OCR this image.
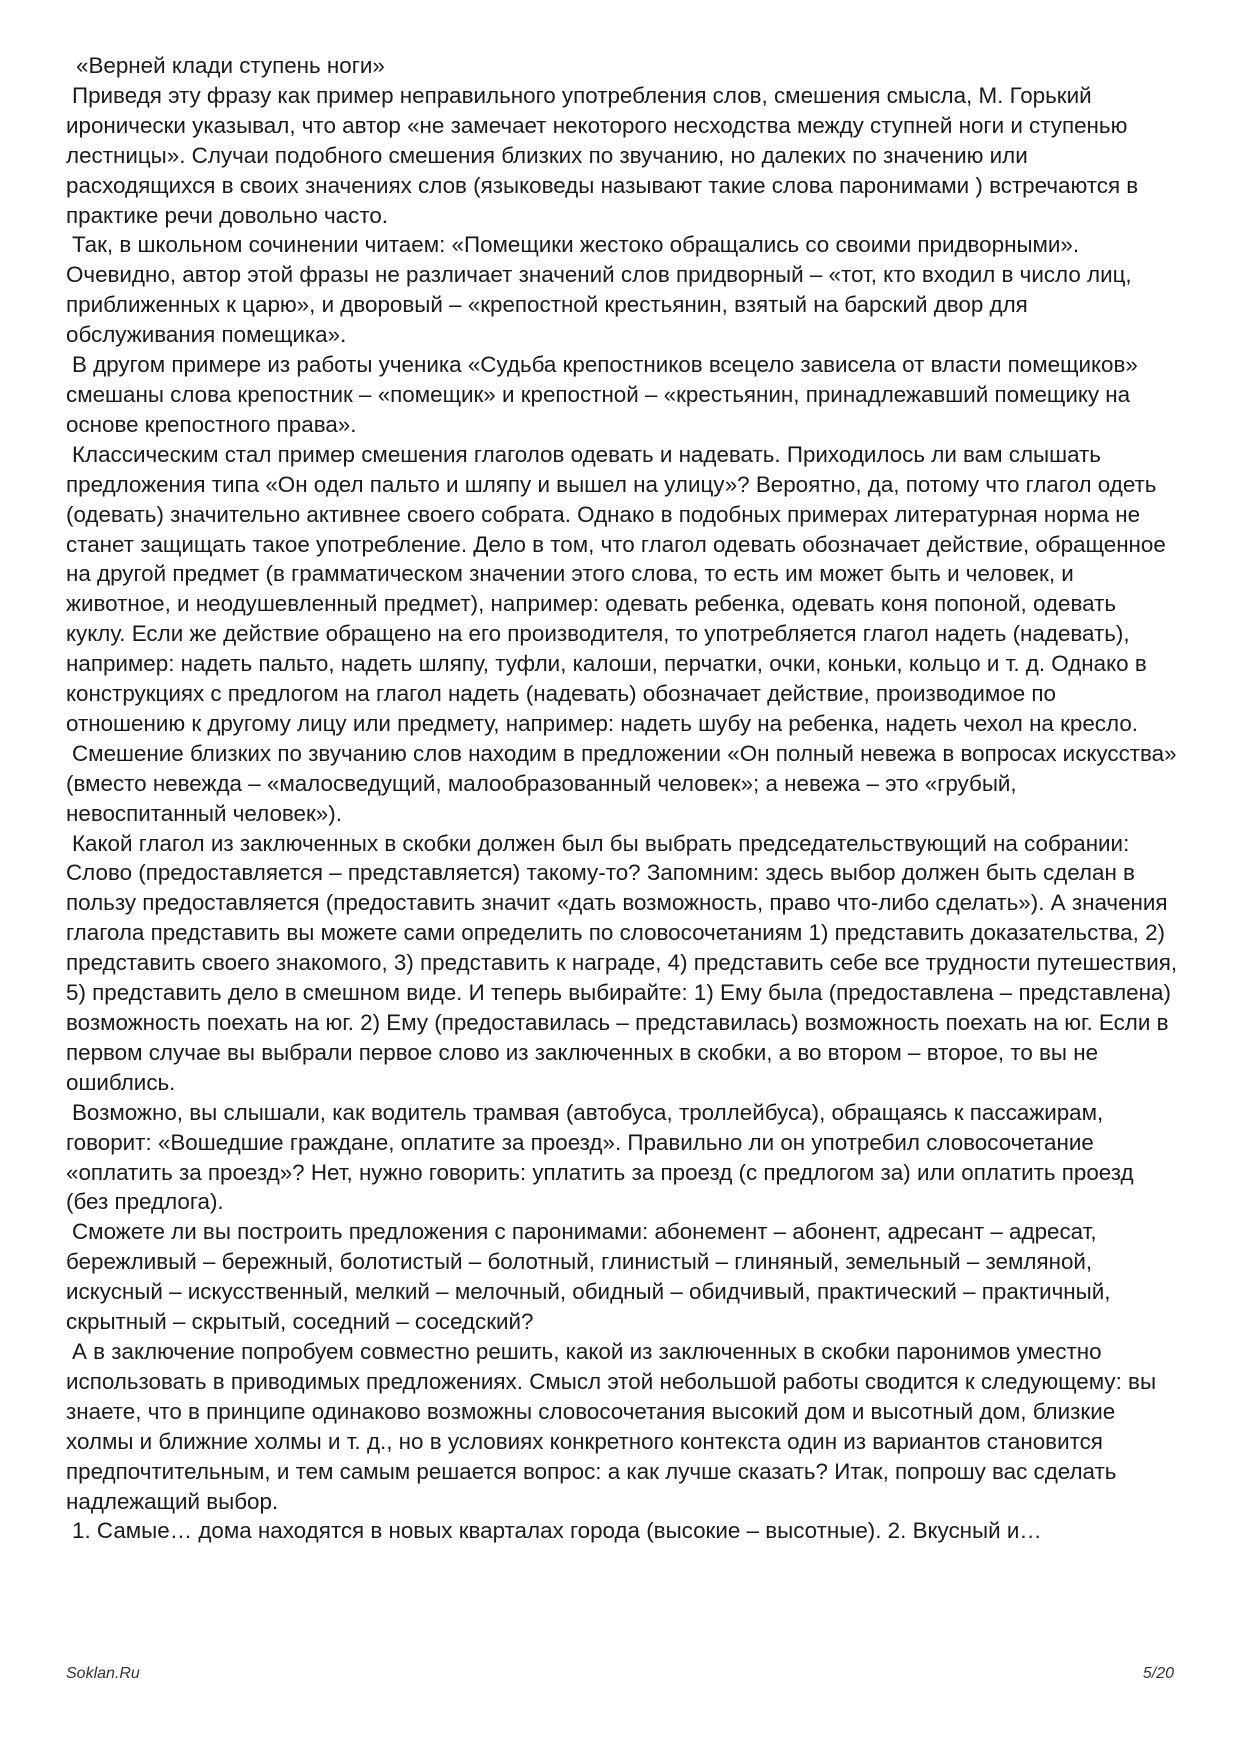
«Верней клади ступень ноги»

Приведя эту фразу как пример неправильного употребления слов, смешения смысла, М. Горький иронически указывал, что автор «не замечает некоторого несходства между ступней ноги и ступенью лестницы». Случаи подобного смешения близких по звучанию, но далеких по значению или расходящихся в своих значениях слов (языковеды называют такие слова паронимами ) встречаются в практике речи довольно часто.

Так, в школьном сочинении читаем: «Помещики жестоко обращались со своими придворными». Очевидно, автор этой фразы не различает значений слов придворный – «тот, кто входил в число лиц, приближенных к царю», и дворовый – «крепостной крестьянин, взятый на барский двор для обслуживания помещика».

В другом примере из работы ученика «Судьба крепостников всецело зависела от власти помещиков» смешаны слова крепостник – «помещик» и крепостной – «крестьянин, принадлежавший помещику на основе крепостного права».

Классическим стал пример смешения глаголов одевать и надевать. Приходилось ли вам слышать предложения типа «Он одел пальто и шляпу и вышел на улицу»? Вероятно, да, потому что глагол одеть (одевать) значительно активнее своего собрата. Однако в подобных примерах литературная норма не станет защищать такое употребление. Дело в том, что глагол одевать обозначает действие, обращенное на другой предмет (в грамматическом значении этого слова, то есть им может быть и человек, и животное, и неодушевленный предмет), например: одевать ребенка, одевать коня попоной, одевать куклу. Если же действие обращено на его производителя, то употребляется глагол надеть (надевать), например: надеть пальто, надеть шляпу, туфли, калоши, перчатки, очки, коньки, кольцо и т. д. Однако в конструкциях с предлогом на глагол надеть (надевать) обозначает действие, производимое по отношению к другому лицу или предмету, например: надеть шубу на ребенка, надеть чехол на кресло.

Смешение близких по звучанию слов находим в предложении «Он полный невежа в вопросах искусства» (вместо невежда – «малосведущий, малообразованный человек»; а невежа – это «грубый, невоспитанный человек»).

Какой глагол из заключенных в скобки должен был бы выбрать председательствующий на собрании: Слово (предоставляется – представляется) такому-то? Запомним: здесь выбор должен быть сделан в пользу предоставляется (предоставить значит «дать возможность, право что-либо сделать»). А значения глагола представить вы можете сами определить по словосочетаниям 1) представить доказательства, 2) представить своего знакомого, 3) представить к награде, 4) представить себе все трудности путешествия, 5) представить дело в смешном виде. И теперь выбирайте: 1) Ему была (предоставлена – представлена) возможность поехать на юг. 2) Ему (предоставилась – представилась) возможность поехать на юг. Если в первом случае вы выбрали первое слово из заключенных в скобки, а во втором – второе, то вы не ошиблись.

Возможно, вы слышали, как водитель трамвая (автобуса, троллейбуса), обращаясь к пассажирам, говорит: «Вошедшие граждане, оплатите за проезд». Правильно ли он употребил словосочетание «оплатить за проезд»? Нет, нужно говорить: уплатить за проезд (с предлогом за) или оплатить проезд (без предлога).

Сможете ли вы построить предложения с паронимами: абонемент – абонент, адресант – адресат, бережливый – бережный, болотистый – болотный, глинистый – глиняный, земельный – земляной, искусный – искусственный, мелкий – мелочный, обидный – обидчивый, практический – практичный, скрытный – скрытый, соседний – соседский?

А в заключение попробуем совместно решить, какой из заключенных в скобки паронимов уместно использовать в приводимых предложениях. Смысл этой небольшой работы сводится к следующему: вы знаете, что в принципе одинаково возможны словосочетания высокий дом и высотный дом, близкие холмы и ближние холмы и т. д., но в условиях конкретного контекста один из вариантов становится предпочтительным, и тем самым решается вопрос: а как лучше сказать? Итак, попрошу вас сделать надлежащий выбор.

1. Самые… дома находятся в новых кварталах города (высокие – высотные). 2. Вкусный и…

Soklan.Ru	5/20
